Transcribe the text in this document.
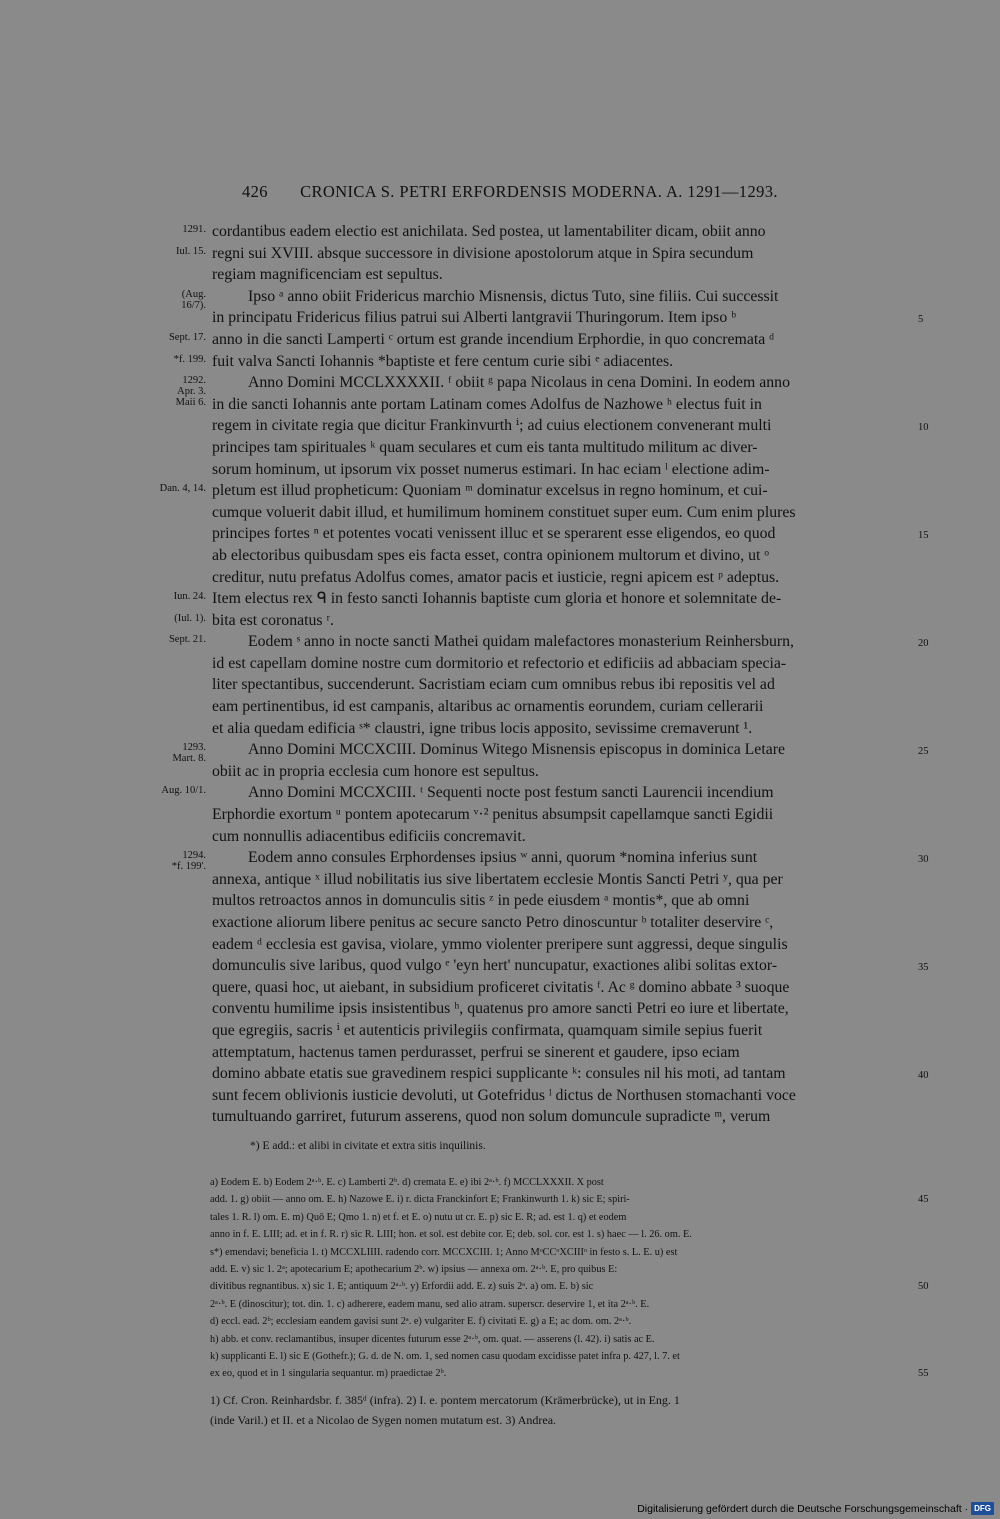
426 CRONICA S. PETRI ERFORDENSIS MODERNA. A. 1291—1293.
1291. cordantibus eadem electio est anichilata. Sed postea, ut lamentabiliter dicam, obiit anno
Iul. 15. regni sui XVIII. absque successore in divisione apostolorum atque in Spira secundum
regiam magnificenciam est sepultus.
(Aug.
16/7).
Ipso ᵃ anno obiit Fridericus marchio Misnensis, dictus Tuto, sine filiis. Cui successit
in principatu Fridericus filius patrui sui Alberti lantgravii Thuringorum. Item ipso ᵇ	5
Sept. 17. anno in die sancti Lamperti ᶜ ortum est grande incendium Erphordie, in quo concremata ᵈ
*f. 199. fuit valva Sancti Iohannis *baptiste et fere centum curie sibi ᵉ adiacentes.
1292.
Apr. 3.
Anno Domini MCCLXXXXII. ᶠ obiit ᵍ papa Nicolaus in cena Domini. In eodem anno
Maii 6. in die sancti Iohannis ante portam Latinam comes Adolfus de Nazhowe ʰ electus fuit in
regem in civitate regia que dicitur Frankinvurth ⁱ; ad cuius electionem convenerant multi	10
principes tam spirituales ᵏ quam seculares et cum eis tanta multitudo militum ac diver-
sorum hominum, ut ipsorum vix posset numerus estimari. In hac eciam ˡ electione adim-
Dan. 4, 14. pletum est illud propheticum: Quoniam ᵐ dominatur excelsus in regno hominum, et cui-
cumque voluerit dabit illud, et humilimum hominem constituet super eum. Cum enim plures
principes fortes ⁿ et potentes vocati venissent illuc et se sperarent esse eligendos, eo quod	15
ab electoribus quibusdam spes eis facta esset, contra opinionem multorum et divino, ut ᵒ
creditur, nutu prefatus Adolfus comes, amator pacis et iusticie, regni apicem est ᵖ adeptus.
Iun. 24. Item electus rex ᑫ in festo sancti Iohannis baptiste cum gloria et honore et solemnitate de-
(Iul. 1). bita est coronatus ʳ.
Sept. 21.	Eodem ˢ anno in nocte sancti Mathei quidam malefactores monasterium Reinhersburn,	20
id est capellam domine nostre cum dormitorio et refectorio et edificiis ad abbaciam specia-
liter spectantibus, succenderunt. Sacristiam eciam cum omnibus rebus ibi repositis vel ad
eam pertinentibus, id est campanis, altaribus ac ornamentis eorundem, curiam cellerarii
et alia quedam edificia ˢ* claustri, igne tribus locis apposito, sevissime cremaverunt ¹.
1293.
Mart. 8.
Anno Domini MCCXCIII. Dominus Witego Misnensis episcopus in dominica Letare	25
obiit ac in propria ecclesia cum honore est sepultus.
Aug. 10/1.	Anno Domini MCCXCIII. ᵗ Sequenti nocte post festum sancti Laurencii incendium
Erphordie exortum ᵘ pontem apotecarum ᵛ·² penitus absumpsit capellamque sancti Egidii
cum nonnullis adiacentibus edificiis concremavit.
1294.
*f. 199'.
Eodem anno consules Erphordenses ipsius ʷ anni, quorum *nomina inferius sunt	30
annexa, antique ˣ illud nobilitatis ius sive libertatem ecclesie Montis Sancti Petri ʸ, qua per
multos retroactos annos in domunculis sitis ᶻ in pede eiusdem ᵃ montis*, que ab omni
exactione aliorum libere penitus ac secure sancto Petro dinoscuntur ᵇ totaliter deservire ᶜ,
eadem ᵈ ecclesia est gavisa, violare, ymmo violenter preripere sunt aggressi, deque singulis
domunculis sive laribus, quod vulgo ᵉ 'eyn hert' nuncupatur, exactiones alibi solitas extor-	35
quere, quasi hoc, ut aiebant, in subsidium proficeret civitatis ᶠ. Ac ᵍ domino abbate ³ suoque
conventu humilime ipsis insistentibus ʰ, quatenus pro amore sancti Petri eo iure et libertate,
que egregiis, sacris ⁱ et autenticis privilegiis confirmata, quamquam simile sepius fuerit
attemptatum, hactenus tamen perdurasset, perfrui se sinerent et gaudere, ipso eciam
domino abbate etatis sue gravedinem respici supplicante ᵏ: consules nil his moti, ad tantam	40
sunt fecem oblivionis iusticie devoluti, ut Gotefridus ˡ dictus de Northusen stomachanti voce
tumultuando garriret, futurum asserens, quod non solum domuncule supradicte ᵐ, verum
*) E add.: et alibi in civitate et extra sitis inquilinis.
a) Eodem E. b) Eodem 2ᵃ·ᵇ. E. c) Lamberti 2ᵇ. d) cremata E. e) ibi 2ᵃ·ᵇ. f) MCCLXXXII. X post
add. 1. g) obiit — anno om. E. h) Nazowe E. i) r. dicta Franckinfort E; Frankinwurth 1. k) sic E; spiri-	45
tales 1. R. l) om. E. m) Quō E; Qmo 1. n) et f. et E. o) nutu ut cr. E. p) sic E. R; ad. est 1. q) et eodem
anno in f. E. LIII; ad. et in f. R. r) sic R. LIII; hon. et sol. est debite cor. E; deb. sol. cor. est 1. s) haec — l. 26. om. E.
s*) emendavi; beneficia 1. t) MCCXLIIII. radendo corr. MCCXCIII. 1; Anno MᵒCCᵒXCIIIᵒ in festo s. L. E. u) est
add. E. v) sic 1. 2ᵃ; apotecarium E; apothecarium 2ᵇ. w) ipsius — annexa om. 2ᵃ·ᵇ. E, pro quibus E:
divitibus regnantibus. x) sic 1. E; antiquum 2ᵃ·ᵇ. y) Erfordii add. E. z) suis 2ᵃ. a) om. E. b) sic	50
2ᵃ·ᵇ. E (dinoscitur); tot. din. 1. c) adherere, eadem manu, sed alio atram. superscr. deservire 1, et ita 2ᵃ·ᵇ. E.
d) eccl. ead. 2ᵇ; ecclesiam eandem gavisi sunt 2ᵃ. e) vulgariter E. f) civitati E. g) a E; ac dom. om. 2ᵃ·ᵇ.
h) abb. et conv. reclamantibus, insuper dicentes futurum esse 2ᵃ·ᵇ, om. quat. — asserens (l. 42). i) satis ac E.
k) supplicanti E. l) sic E (Gothefr.); G. d. de N. om. 1, sed nomen casu quodam excidisse patet infra p. 427, l. 7. et
ex eo, quod et in 1 singularia sequantur. m) praedictae 2ᵇ.	55
1) Cf. Cron. Reinhardsbr. f. 385ᵈ (infra). 2) I. e. pontem mercatorum (Krämerbrücke), ut in Eng. 1
(inde Varil.) et II. et a Nicolao de Sygen nomen mutatum est. 3) Andrea.
Digitalisierung gefördert durch die Deutsche Forschungsgemeinschaft · DFG
